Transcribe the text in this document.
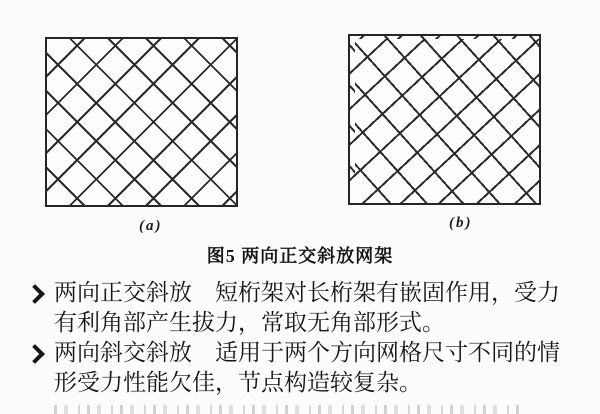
(a)	(b)
图5 两向正交斜放网架
两向正交斜放　短桁架对长桁架有嵌固作用，受力
有利角部产生拔力，常取无角部形式。
两向斜交斜放　适用于两个方向网格尺寸不同的情
形受力性能欠佳，节点构造较复杂。
